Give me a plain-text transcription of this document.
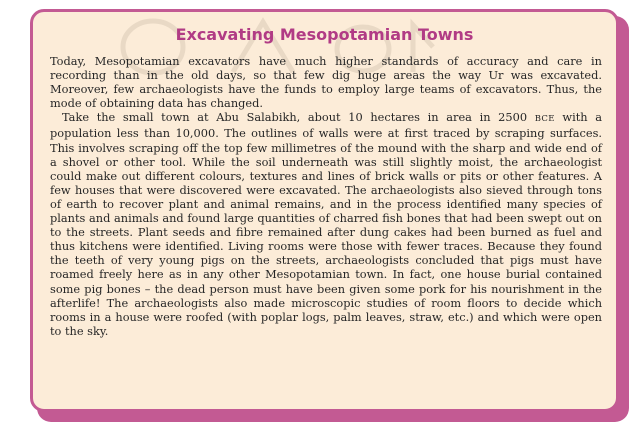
Excavating Mesopotamian Towns

Today, Mesopotamian excavators have much higher standards of accuracy and care in recording than in the old days, so that few dig huge areas the way Ur was excavated. Moreover, few archaeologists have the funds to employ large teams of excavators. Thus, the mode of obtaining data has changed.

Take the small town at Abu Salabikh, about 10 hectares in area in 2500 BCE with a population less than 10,000. The outlines of walls were at first traced by scraping surfaces. This involves scraping off the top few millimetres of the mound with the sharp and wide end of a shovel or other tool. While the soil underneath was still slightly moist, the archaeologist could make out different colours, textures and lines of brick walls or pits or other features. A few houses that were discovered were excavated. The archaeologists also sieved through tons of earth to recover plant and animal remains, and in the process identified many species of plants and animals and found large quantities of charred fish bones that had been swept out on to the streets. Plant seeds and fibre remained after dung cakes had been burned as fuel and thus kitchens were identified. Living rooms were those with fewer traces. Because they found the teeth of very young pigs on the streets, archaeologists concluded that pigs must have roamed freely here as in any other Mesopotamian town. In fact, one house burial contained some pig bones – the dead person must have been given some pork for his nourishment in the afterlife! The archaeologists also made microscopic studies of room floors to decide which rooms in a house were roofed (with poplar logs, palm leaves, straw, etc.) and which were open to the sky.
